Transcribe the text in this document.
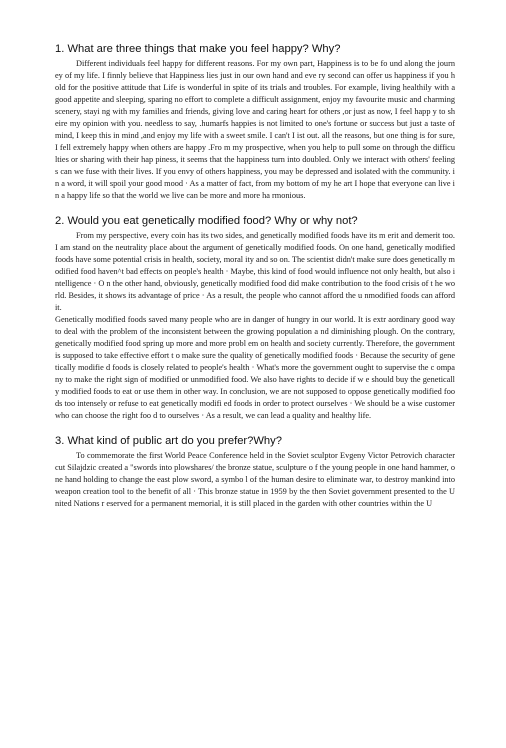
1. What are three things that make you feel happy? Why?

Different individuals feel happy for different reasons. For my own part, Happiness is to be fo und along the journey of my life. I finnly believe that Happiness lies just in our own hand and eve ry second can offer us happiness if you hold for the positive attitude that Life is wonderful in spite of its trials and troubles. For example, living healthily with a good appetite and sleeping, sparing no effort to complete a difficult assignment, enjoy my favourite music and charming scenery, stayi ng with my families and friends, giving love and caring heart for others ,or just as now, I feel happ y to sheire my opinion with you. needless to say, .humarfs happies is not limited to one's fortune or success but just a taste of mind, I keep this in mind ,and enjoy my life with a sweet smile. I can't I ist out. all the reasons, but one thing is for sure, I fell extremely happy when others are happy .Fro m my prospective, when you help to pull some on through the difficulties or sharing with their hap piness, it seems that the happiness turn into doubled. Only we interact with others' feelings can we fuse with their lives. If you envy of others happiness, you may be depressed and isolated with the community. in a word, it will spoil your good mood · As a matter of fact, from my bottom of my he art I hope that everyone can live in a happy life so that the world we live can be more and more ha rmonious.

2. Would you eat genetically modified food? Why or why not?

From my perspective, every coin has its two sides, and genetically modified foods have its m erit and demerit too. I am stand on the neutrality place about the argument of genetically modified foods. On one hand, genetically modified foods have some potential crisis in health, society, moral ity and so on. The scientist didn't make sure does genetically modified food haven^t bad effects on people's health · Maybe, this kind of food would influence not only health, but also intelligence · O n the other hand, obviously, genetically modified food did make contribution to the food crisis of t he world. Besides, it shows its advantage of price · As a result, the people who cannot afford the u nmodified foods can afford it.

Genetically modified foods saved many people who are in danger of hungry in our world. It is extr aordinary good way to deal with the problem of the inconsistent between the growing population a nd diminishing plough. On the contrary, genetically modified food spring up more and more probl em on health and society currently. Therefore, the government is supposed to take effective effort t o make sure the quality of genetically modified foods · Because the security of genetically modifie d foods is closely related to people's health · What's more the government ought to supervise the c ompany to make the right sign of modified or unmodified food. We also have rights to decide if w e should buy the genetically modified foods to eat or use them in other way. In conclusion, we are not supposed to oppose genetically modified foods too intensely or refuse to eat genetically modifi ed foods in order to protect ourselves · We should be a wise customer who can choose the right foo d to ourselves · As a result, we can lead a quality and healthy life.

3. What kind of public art do you prefer?Why?

To commemorate the first World Peace Conference held in the Soviet sculptor Evgeny Victor Petrovich character cut Silajdzic created a "swords into plowshares/ the bronze statue, sculpture o f the young people in one hand hammer, one hand holding to change the east plow sword, a symbo l of the human desire to eliminate war, to destroy mankind into weapon creation tool to the benefit of all · This bronze statue in 1959 by the then Soviet government presented to the United Nations r eserved for a permanent memorial, it is still placed in the garden with other countries within the U
